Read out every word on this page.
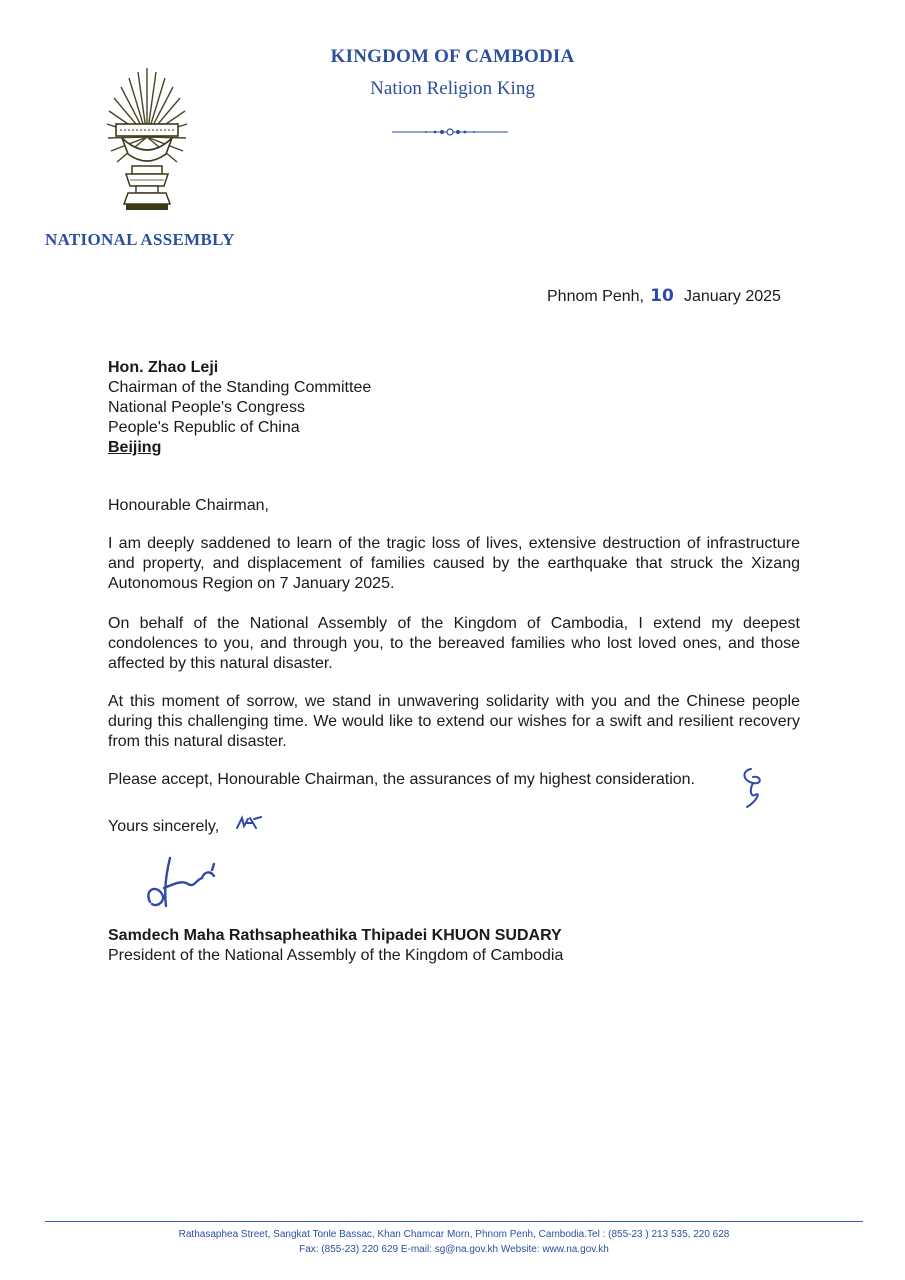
KINGDOM OF CAMBODIA
Nation Religion King
NATIONAL ASSEMBLY
Phnom Penh, 10 January 2025
Hon. Zhao Leji
Chairman of the Standing Committee
National People's Congress
People's Republic of China
Beijing
Honourable Chairman,
I am deeply saddened to learn of the tragic loss of lives, extensive destruction of infrastructure and property, and displacement of families caused by the earthquake that struck the Xizang Autonomous Region on 7 January 2025.
On behalf of the National Assembly of the Kingdom of Cambodia, I extend my deepest condolences to you, and through you, to the bereaved families who lost loved ones, and those affected by this natural disaster.
At this moment of sorrow, we stand in unwavering solidarity with you and the Chinese people during this challenging time. We would like to extend our wishes for a swift and resilient recovery from this natural disaster.
Please accept, Honourable Chairman, the assurances of my highest consideration.
Yours sincerely,
Samdech Maha Rathsapheathika Thipadei KHUON SUDARY
President of the National Assembly of the Kingdom of Cambodia
Rathasaphea Street, Sangkat Tonle Bassac, Khan Chamcar Morn, Phnom Penh, Cambodia.Tel : (855-23 ) 213 535, 220 628
Fax: (855-23) 220 629 E-mail: sg@na.gov.kh Website: www.na.gov.kh
